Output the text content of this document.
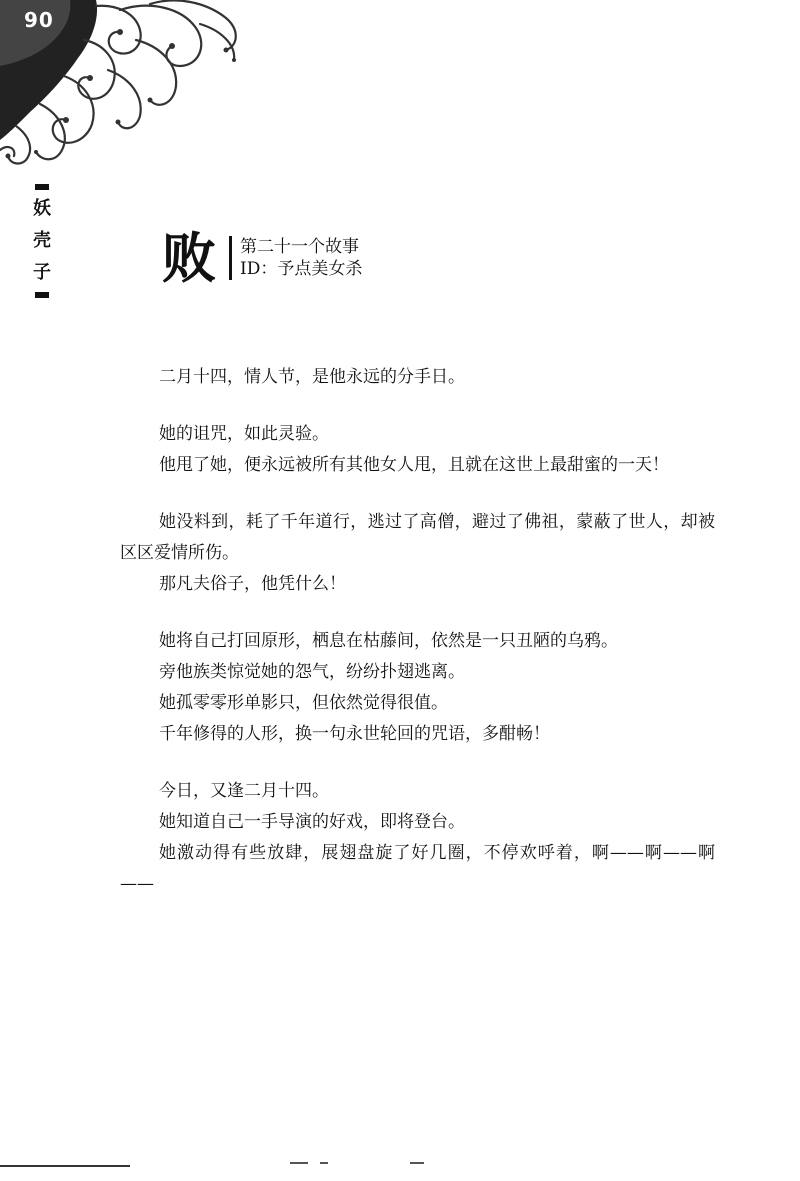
90
妖
壳
子 败 第二十一个故事
ID：予点美女杀

二月十四，情人节，是他永远的分手日。

她的诅咒，如此灵验。

他甩了她，便永远被所有其他女人甩，且就在这世上最甜蜜的一天！

她没料到，耗了千年道行，逃过了高僧，避过了佛祖，蒙蔽了世人，却被区区爱情所伤。

那凡夫俗子，他凭什么！

她将自己打回原形，栖息在枯藤间，依然是一只丑陋的乌鸦。

旁他族类惊觉她的怨气，纷纷扑翅逃离。

她孤零零形单影只，但依然觉得很值。

千年修得的人形，换一句永世轮回的咒语，多酣畅！

今日，又逢二月十四。

她知道自己一手导演的好戏，即将登台。

她激动得有些放肆，展翅盘旋了好几圈，不停欢呼着，啊——啊——啊——
